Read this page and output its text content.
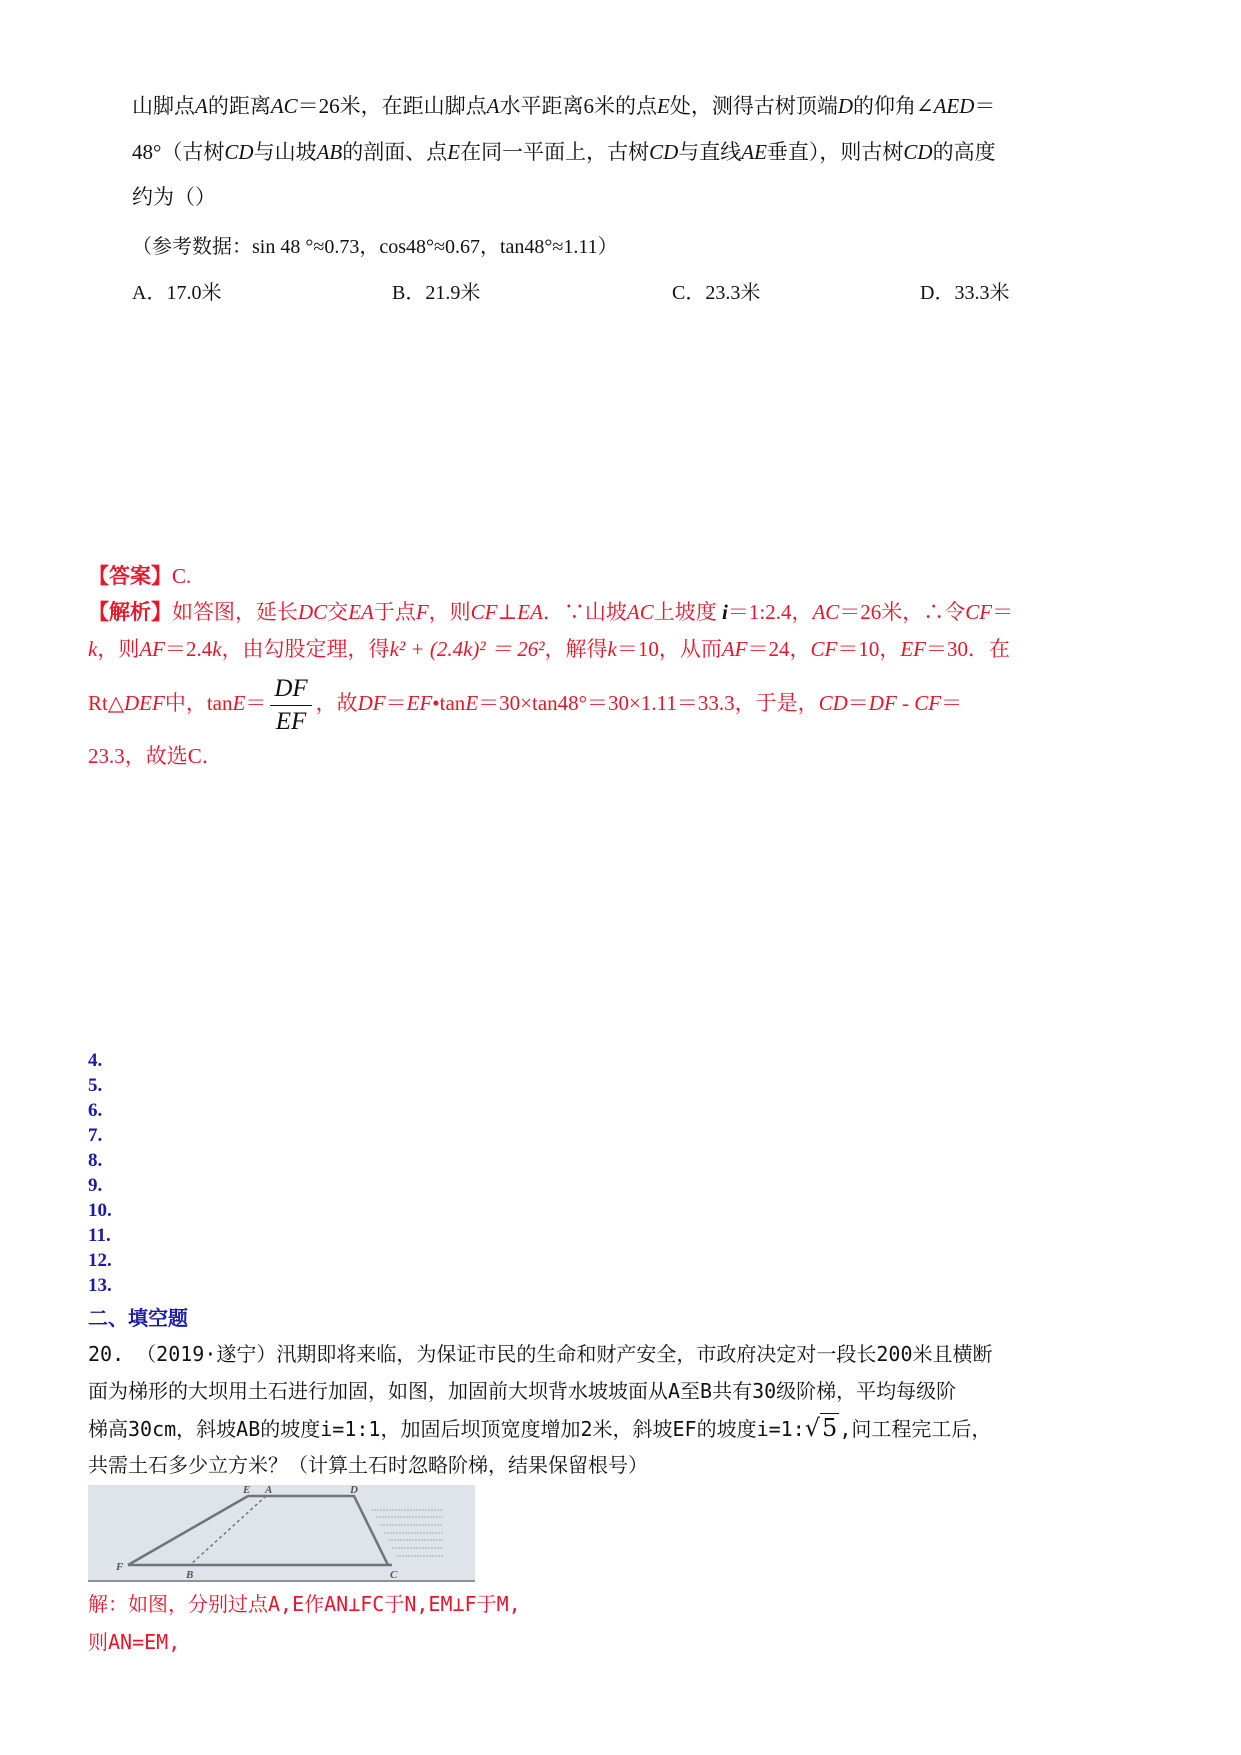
山脚点A的距离AC＝26米，在距山脚点A水平距离6米的点E处，测得古树顶端D的仰角∠AED＝
48°（古树CD与山坡AB的剖面、点E在同一平面上，古树CD与直线AE垂直），则古树CD的高度
约为（）
（参考数据：sin 48 °≈0.73，cos48°≈0.67，tan48°≈1.11）
A．17.0米	B．21.9米	C．23.3米	D．33.3米
【答案】C.
【解析】如答图，延长DC交EA于点F，则CF⊥EA．∵山坡AC上坡度 i＝1:2.4，AC＝26米，∴令CF＝
k，则AF＝2.4k，由勾股定理，得k² + (2.4k)² ＝ 26²，解得k＝10，从而AF＝24，CF＝10，EF＝30．在
Rt△DEF中，$\tan E= \frac{DF}{EF}$ ，故DF＝EF•tanE＝30×tan48°＝30×1.11＝33.3，于是，CD＝DF - CF＝
23.3，故选C．
4.
5.
6.
7.
8.
9.
10.
11.
12.
13.
二、填空题
20. （2019·遂宁）汛期即将来临，为保证市民的生命和财产安全，市政府决定对一段长200米且横断
面为梯形的大坝用土石进行加固，如图，加固前大坝背水坡坡面从A至B共有30级阶梯，平均每级阶
梯高30cm，斜坡AB的坡度i=1:1，加固后坝顶宽度增加2米，斜坡EF的坡度i=1:√5 ,问工程完工后，
共需土石多少立方米？（计算土石时忽略阶梯，结果保留根号）
E A	D
F
B	C
解：如图，分别过点A,E作AN⊥FC于N,EM⊥F于M,
则AN=EM,
